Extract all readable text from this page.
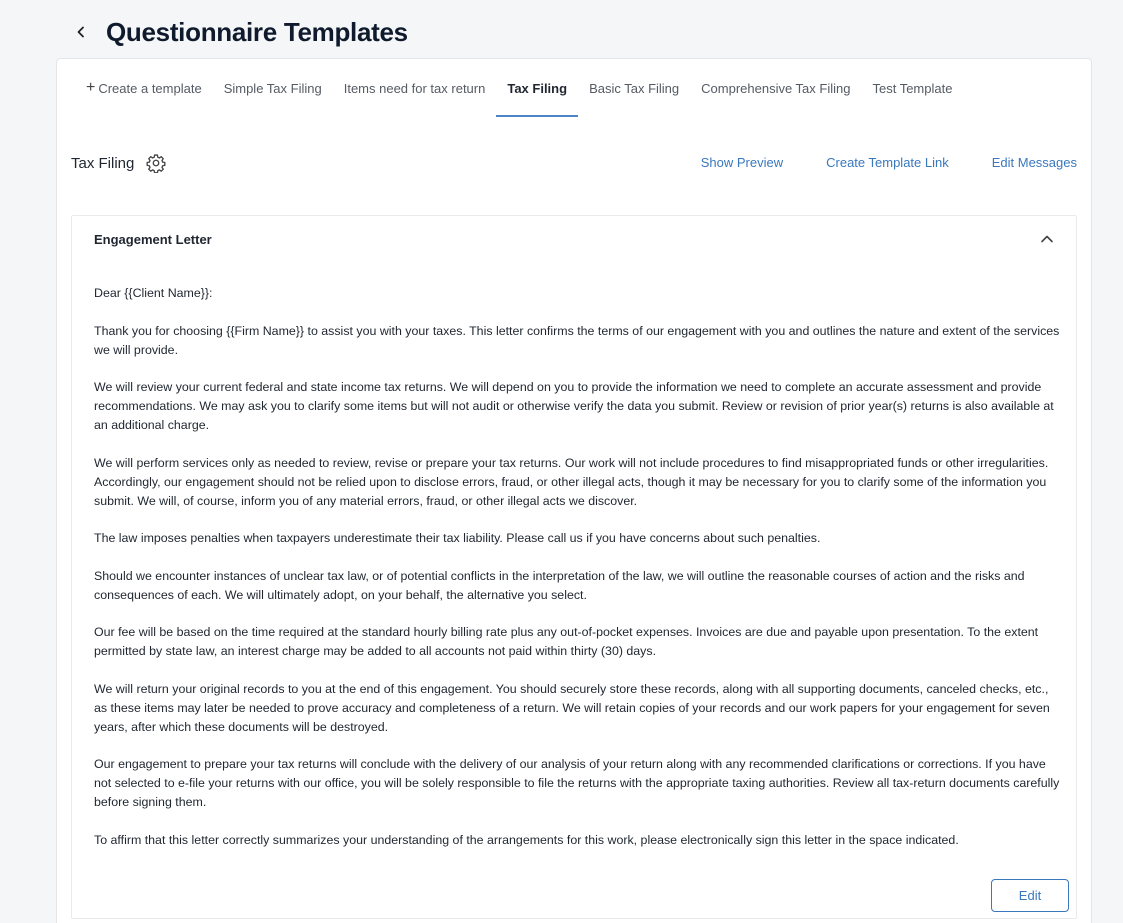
Questionnaire Templates
+ Create a template Simple Tax Filing Items need for tax return Tax Filing Basic Tax Filing Comprehensive Tax Filing Test Template
Tax Filing	Show Preview	Create Template Link	Edit Messages
Engagement Letter

Dear {{Client Name}}:

Thank you for choosing {{Firm Name}} to assist you with your taxes. This letter confirms the terms of our engagement with you and outlines the nature and extent of the services we will provide.

We will review your current federal and state income tax returns. We will depend on you to provide the information we need to complete an accurate assessment and provide recommendations. We may ask you to clarify some items but will not audit or otherwise verify the data you submit. Review or revision of prior year(s) returns is also available at an additional charge.

We will perform services only as needed to review, revise or prepare your tax returns. Our work will not include procedures to find misappropriated funds or other irregularities. Accordingly, our engagement should not be relied upon to disclose errors, fraud, or other illegal acts, though it may be necessary for you to clarify some of the information you submit. We will, of course, inform you of any material errors, fraud, or other illegal acts we discover.

The law imposes penalties when taxpayers underestimate their tax liability. Please call us if you have concerns about such penalties.

Should we encounter instances of unclear tax law, or of potential conflicts in the interpretation of the law, we will outline the reasonable courses of action and the risks and consequences of each. We will ultimately adopt, on your behalf, the alternative you select.

Our fee will be based on the time required at the standard hourly billing rate plus any out-of-pocket expenses. Invoices are due and payable upon presentation. To the extent permitted by state law, an interest charge may be added to all accounts not paid within thirty (30) days.

We will return your original records to you at the end of this engagement. You should securely store these records, along with all supporting documents, canceled checks, etc., as these items may later be needed to prove accuracy and completeness of a return. We will retain copies of your records and our work papers for your engagement for seven years, after which these documents will be destroyed.

Our engagement to prepare your tax returns will conclude with the delivery of our analysis of your return along with any recommended clarifications or corrections. If you have not selected to e-file your returns with our office, you will be solely responsible to file the returns with the appropriate taxing authorities. Review all tax-return documents carefully before signing them.

To affirm that this letter correctly summarizes your understanding of the arrangements for this work, please electronically sign this letter in the space indicated.

Edit
